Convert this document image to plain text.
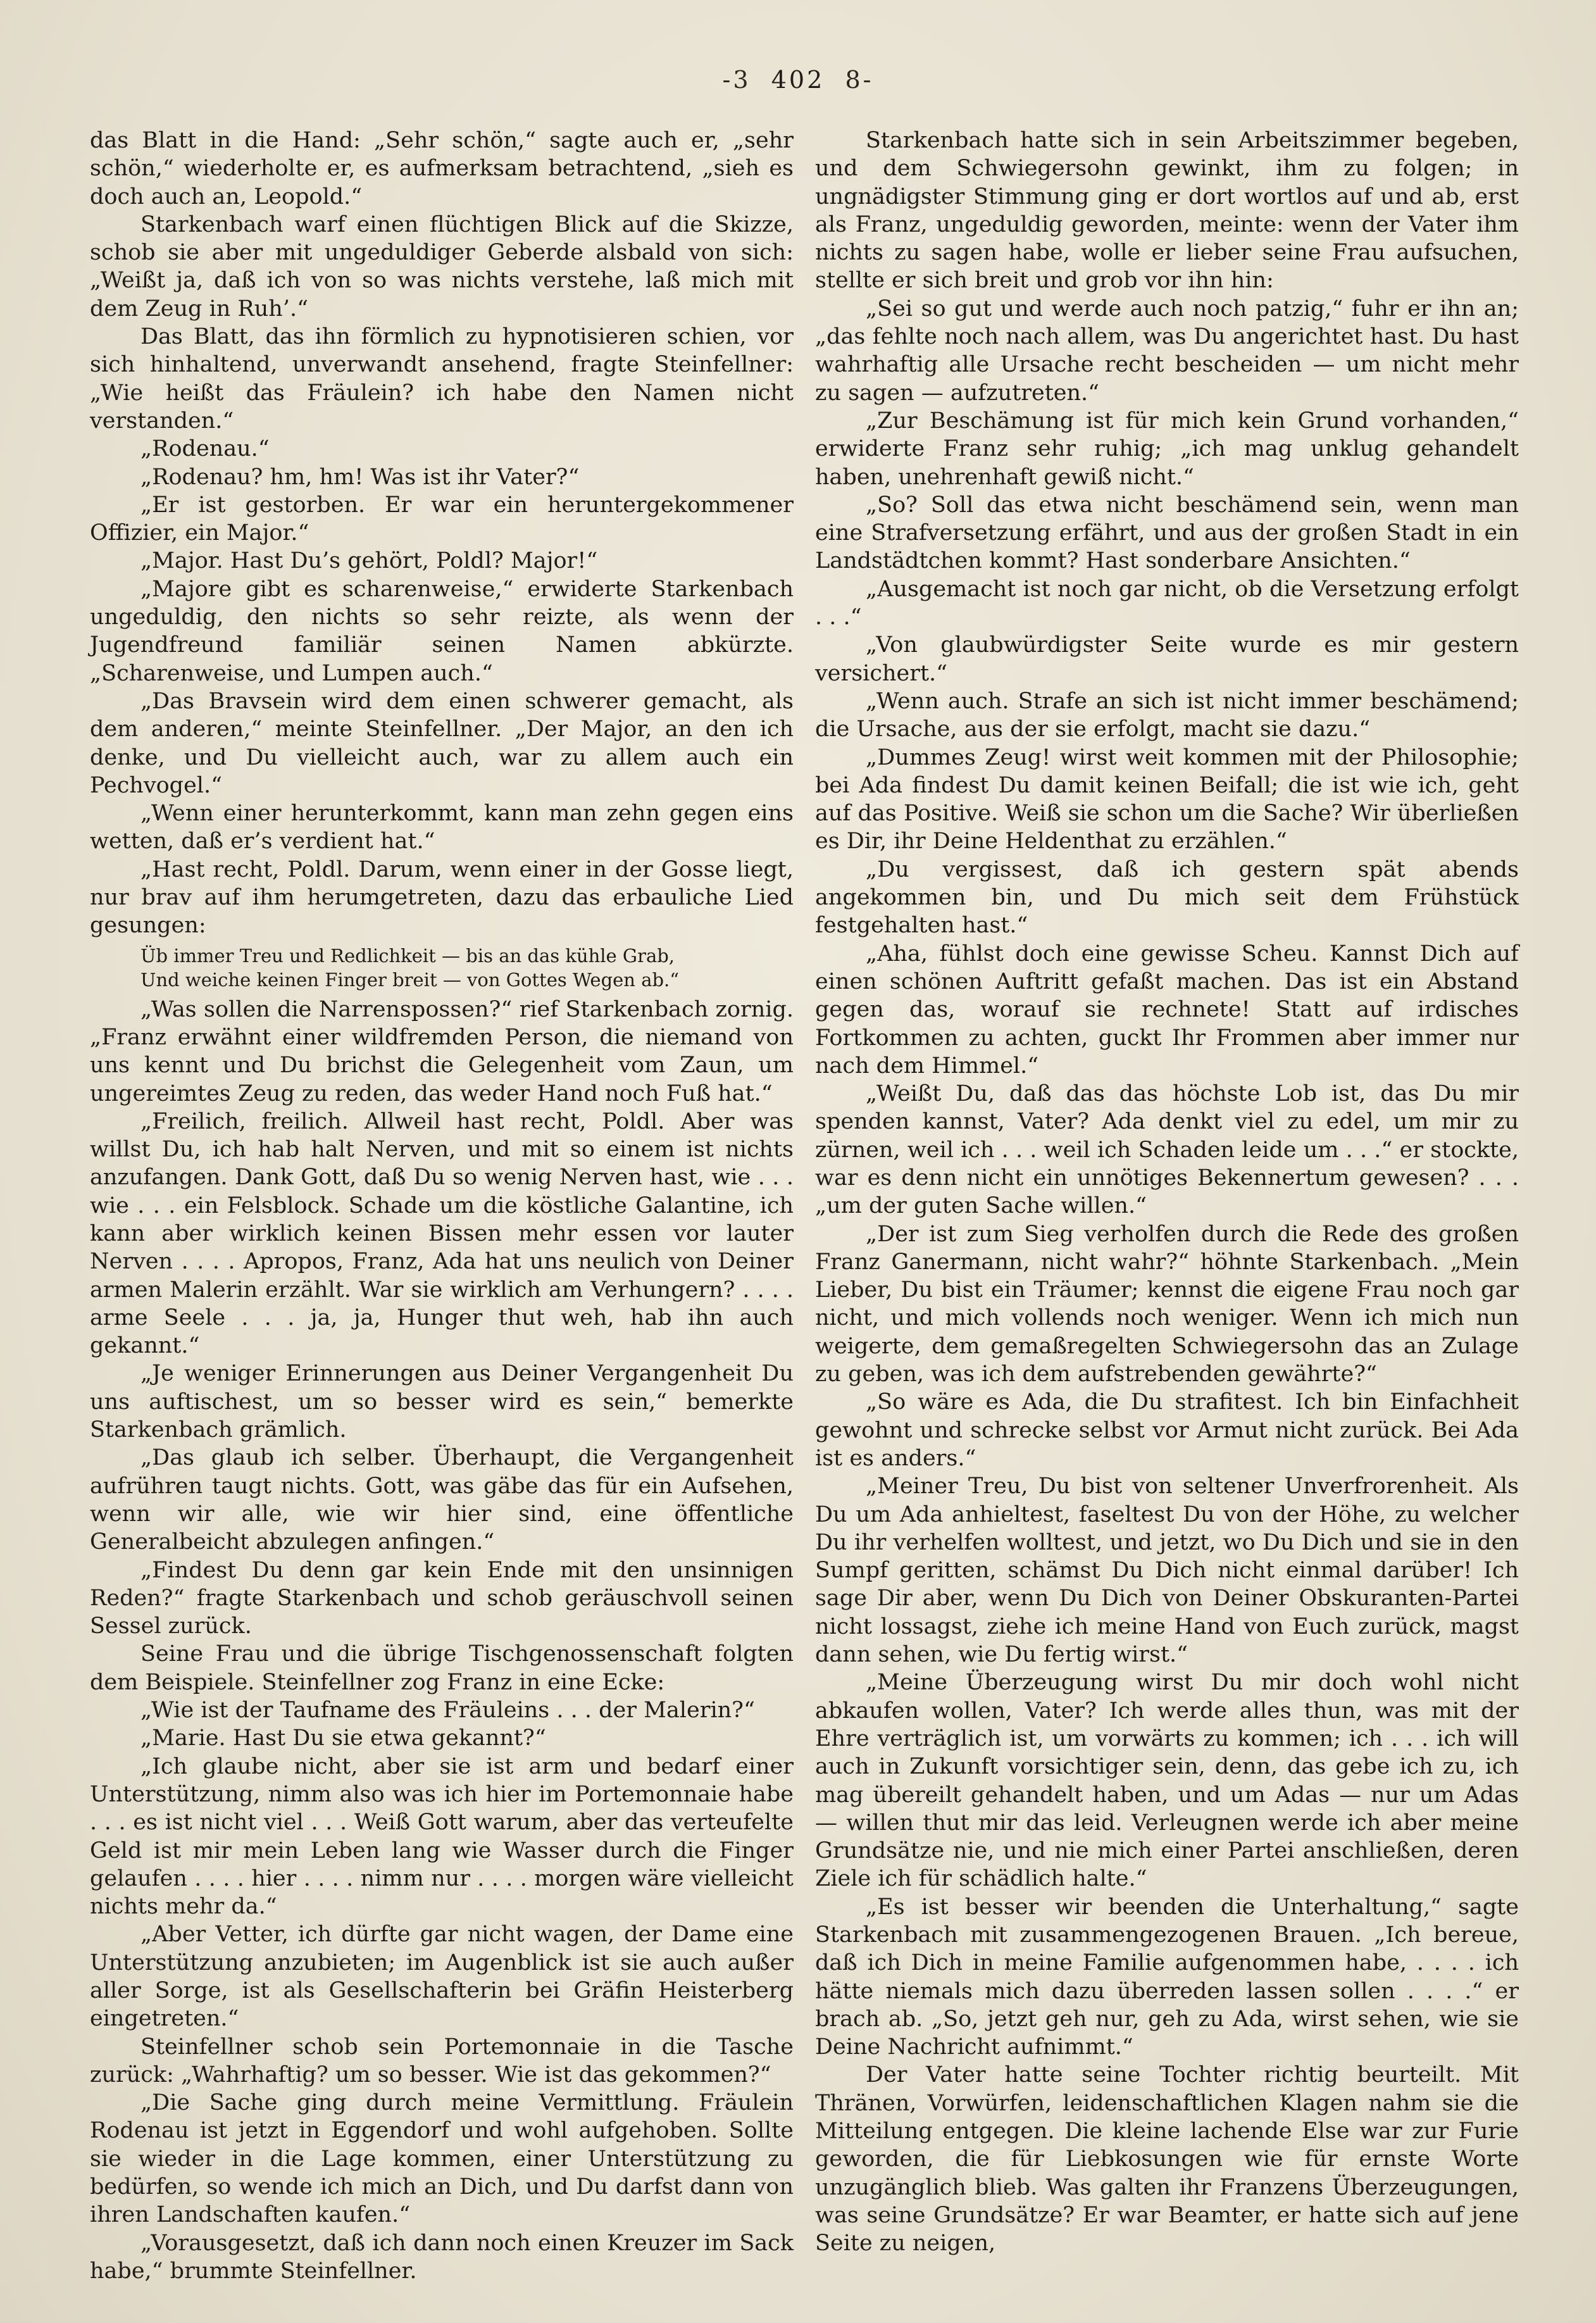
-3 402 8-

das Blatt in die Hand: „Sehr schön,“ sagte auch er, „sehr schön,“ wiederholte er, es aufmerksam betrachtend, „sieh es doch auch an, Leopold.“

Starkenbach warf einen flüchtigen Blick auf die Skizze, schob sie aber mit ungeduldiger Geberde alsbald von sich: „Weißt ja, daß ich von so was nichts verstehe, laß mich mit dem Zeug in Ruh’.“

Das Blatt, das ihn förmlich zu hypnotisieren schien, vor sich hinhaltend, unverwandt ansehend, fragte Steinfellner: „Wie heißt das Fräulein? ich habe den Namen nicht verstanden.“

„Rodenau.“

„Rodenau? hm, hm! Was ist ihr Vater?“

„Er ist gestorben. Er war ein heruntergekommener Offizier, ein Major.“

„Major. Hast Du’s gehört, Poldl? Major!“

„Majore gibt es scharenweise,“ erwiderte Starkenbach ungeduldig, den nichts so sehr reizte, als wenn der Jugendfreund familiär seinen Namen abkürzte. „Scharenweise, und Lumpen auch.“

„Das Bravsein wird dem einen schwerer gemacht, als dem anderen,“ meinte Steinfellner. „Der Major, an den ich denke, und Du vielleicht auch, war zu allem auch ein Pechvogel.“

„Wenn einer herunterkommt, kann man zehn gegen eins wetten, daß er’s verdient hat.“

„Hast recht, Poldl. Darum, wenn einer in der Gosse liegt, nur brav auf ihm herumgetreten, dazu das erbauliche Lied gesungen:

Üb immer Treu und Redlichkeit — bis an das kühle Grab,
Und weiche keinen Finger breit — von Gottes Wegen ab.“

„Was sollen die Narrenspossen?“ rief Starkenbach zornig. „Franz erwähnt einer wildfremden Person, die niemand von uns kennt und Du brichst die Gelegenheit vom Zaun, um ungereimtes Zeug zu reden, das weder Hand noch Fuß hat.“

„Freilich, freilich. Allweil hast recht, Poldl. Aber was willst Du, ich hab halt Nerven, und mit so einem ist nichts anzufangen. Dank Gott, daß Du so wenig Nerven hast, wie . . . wie . . . ein Felsblock. Schade um die köstliche Galantine, ich kann aber wirklich keinen Bissen mehr essen vor lauter Nerven . . . . Apropos, Franz, Ada hat uns neulich von Deiner armen Malerin erzählt. War sie wirklich am Verhungern? . . . . arme Seele . . . ja, ja, Hunger thut weh, hab ihn auch gekannt.“

„Je weniger Erinnerungen aus Deiner Vergangenheit Du uns auftischest, um so besser wird es sein,“ bemerkte Starkenbach grämlich.

„Das glaub ich selber. Überhaupt, die Vergangenheit aufrühren taugt nichts. Gott, was gäbe das für ein Aufsehen, wenn wir alle, wie wir hier sind, eine öffentliche Generalbeicht abzulegen anfingen.“

„Findest Du denn gar kein Ende mit den unsinnigen Reden?“ fragte Starkenbach und schob geräuschvoll seinen Sessel zurück.

Seine Frau und die übrige Tischgenossenschaft folgten dem Beispiele. Steinfellner zog Franz in eine Ecke:

„Wie ist der Taufname des Fräuleins . . . der Malerin?“

„Marie. Hast Du sie etwa gekannt?“

„Ich glaube nicht, aber sie ist arm und bedarf einer Unterstützung, nimm also was ich hier im Portemonnaie habe . . . es ist nicht viel . . . Weiß Gott warum, aber das verteufelte Geld ist mir mein Leben lang wie Wasser durch die Finger gelaufen . . . . hier . . . . nimm nur . . . . morgen wäre vielleicht nichts mehr da.“

„Aber Vetter, ich dürfte gar nicht wagen, der Dame eine Unterstützung anzubieten; im Augenblick ist sie auch außer aller Sorge, ist als Gesellschafterin bei Gräfin Heisterberg eingetreten.“

Steinfellner schob sein Portemonnaie in die Tasche zurück: „Wahrhaftig? um so besser. Wie ist das gekommen?“

„Die Sache ging durch meine Vermittlung. Fräulein Rodenau ist jetzt in Eggendorf und wohl aufgehoben. Sollte sie wieder in die Lage kommen, einer Unterstützung zu bedürfen, so wende ich mich an Dich, und Du darfst dann von ihren Landschaften kaufen.“

„Vorausgesetzt, daß ich dann noch einen Kreuzer im Sack habe,“ brummte Steinfellner.

Starkenbach hatte sich in sein Arbeitszimmer begeben, und dem Schwiegersohn gewinkt, ihm zu folgen; in ungnädigster Stimmung ging er dort wortlos auf und ab, erst als Franz, ungeduldig geworden, meinte: wenn der Vater ihm nichts zu sagen habe, wolle er lieber seine Frau aufsuchen, stellte er sich breit und grob vor ihn hin:

„Sei so gut und werde auch noch patzig,“ fuhr er ihn an; „das fehlte noch nach allem, was Du angerichtet hast. Du hast wahrhaftig alle Ursache recht bescheiden — um nicht mehr zu sagen — aufzutreten.“

„Zur Beschämung ist für mich kein Grund vorhanden,“ erwiderte Franz sehr ruhig; „ich mag unklug gehandelt haben, unehrenhaft gewiß nicht.“

„So? Soll das etwa nicht beschämend sein, wenn man eine Strafversetzung erfährt, und aus der großen Stadt in ein Landstädtchen kommt? Hast sonderbare Ansichten.“

„Ausgemacht ist noch gar nicht, ob die Versetzung erfolgt . . .“

„Von glaubwürdigster Seite wurde es mir gestern versichert.“

„Wenn auch. Strafe an sich ist nicht immer beschämend; die Ursache, aus der sie erfolgt, macht sie dazu.“

„Dummes Zeug! wirst weit kommen mit der Philosophie; bei Ada findest Du damit keinen Beifall; die ist wie ich, geht auf das Positive. Weiß sie schon um die Sache? Wir überließen es Dir, ihr Deine Heldenthat zu erzählen.“

„Du vergissest, daß ich gestern spät abends angekommen bin, und Du mich seit dem Frühstück festgehalten hast.“

„Aha, fühlst doch eine gewisse Scheu. Kannst Dich auf einen schönen Auftritt gefaßt machen. Das ist ein Abstand gegen das, worauf sie rechnete! Statt auf irdisches Fortkommen zu achten, guckt Ihr Frommen aber immer nur nach dem Himmel.“

„Weißt Du, daß das das höchste Lob ist, das Du mir spenden kannst, Vater? Ada denkt viel zu edel, um mir zu zürnen, weil ich . . . weil ich Schaden leide um . . .“ er stockte, war es denn nicht ein unnötiges Bekennertum gewesen? . . . „um der guten Sache willen.“

„Der ist zum Sieg verholfen durch die Rede des großen Franz Ganermann, nicht wahr?“ höhnte Starkenbach. „Mein Lieber, Du bist ein Träumer; kennst die eigene Frau noch gar nicht, und mich vollends noch weniger. Wenn ich mich nun weigerte, dem gemaßregelten Schwiegersohn das an Zulage zu geben, was ich dem aufstrebenden gewährte?“

„So wäre es Ada, die Du strafitest. Ich bin Einfachheit gewohnt und schrecke selbst vor Armut nicht zurück. Bei Ada ist es anders.“

„Meiner Treu, Du bist von seltener Unverfrorenheit. Als Du um Ada anhieltest, faseltest Du von der Höhe, zu welcher Du ihr verhelfen wolltest, und jetzt, wo Du Dich und sie in den Sumpf geritten, schämst Du Dich nicht einmal darüber! Ich sage Dir aber, wenn Du Dich von Deiner Obskuranten-Partei nicht lossagst, ziehe ich meine Hand von Euch zurück, magst dann sehen, wie Du fertig wirst.“

„Meine Überzeugung wirst Du mir doch wohl nicht abkaufen wollen, Vater? Ich werde alles thun, was mit der Ehre verträglich ist, um vorwärts zu kommen; ich . . . ich will auch in Zukunft vorsichtiger sein, denn, das gebe ich zu, ich mag übereilt gehandelt haben, und um Adas — nur um Adas — willen thut mir das leid. Verleugnen werde ich aber meine Grundsätze nie, und nie mich einer Partei anschließen, deren Ziele ich für schädlich halte.“

„Es ist besser wir beenden die Unterhaltung,“ sagte Starkenbach mit zusammengezogenen Brauen. „Ich bereue, daß ich Dich in meine Familie aufgenommen habe, . . . . ich hätte niemals mich dazu überreden lassen sollen . . . .“ er brach ab. „So, jetzt geh nur, geh zu Ada, wirst sehen, wie sie Deine Nachricht aufnimmt.“

Der Vater hatte seine Tochter richtig beurteilt. Mit Thränen, Vorwürfen, leidenschaftlichen Klagen nahm sie die Mitteilung entgegen. Die kleine lachende Else war zur Furie geworden, die für Liebkosungen wie für ernste Worte unzugänglich blieb. Was galten ihr Franzens Überzeugungen, was seine Grundsätze? Er war Beamter, er hatte sich auf jene Seite zu neigen,
